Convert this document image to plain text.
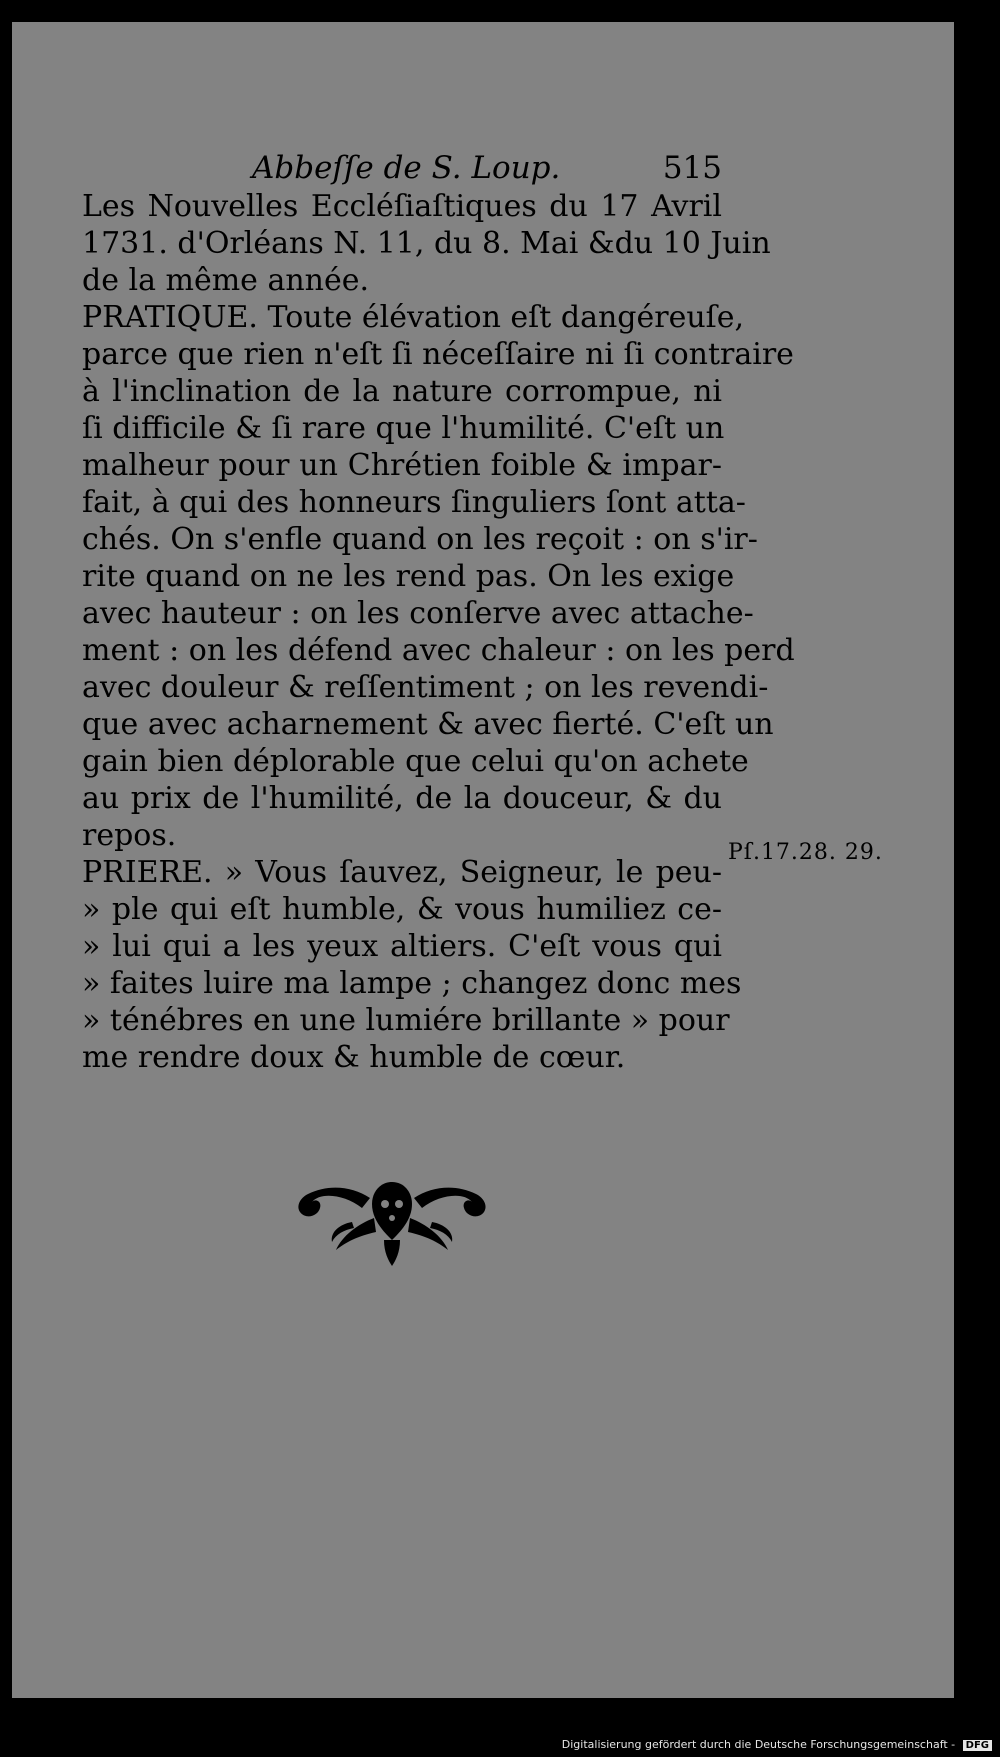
Abbeſſe de S. Loup.	515
Les Nouvelles Eccléſiaſtiques du 17 Avril
1731. d'Orléans N. 11, du 8. Mai &du 10 Juin
de la même année.
PRATIQUE. Toute élévation eſt dangéreuſe,
parce que rien n'eſt ſi néceſſaire ni ſi contraire
à l'inclination de la nature corrompue, ni
ſi difficile & ſi rare que l'humilité. C'eſt un
malheur pour un Chrétien foible & impar-
fait, à qui des honneurs ſinguliers ſont atta-
chés. On s'enfle quand on les reçoit : on s'ir-
rite quand on ne les rend pas. On les exige
avec hauteur : on les conſerve avec attache-
ment : on les défend avec chaleur : on les perd
avec douleur & reſſentiment ; on les revendi-
que avec acharnement & avec fierté. C'eſt un
gain bien déplorable que celui qu'on achete
au prix de l'humilité, de la douceur, & du
repos.
PRIERE. » Vous ſauvez, Seigneur, le peu-
» ple qui eſt humble, & vous humiliez ce-
» lui qui a les yeux altiers. C'eſt vous qui
» faites luire ma lampe ; changez donc mes
» ténébres en une lumiére brillante » pour
me rendre doux & humble de cœur.
Pſ.17.28. 29.
Digitalisierung gefördert durch die Deutsche Forschungsgemeinschaft - DFG
